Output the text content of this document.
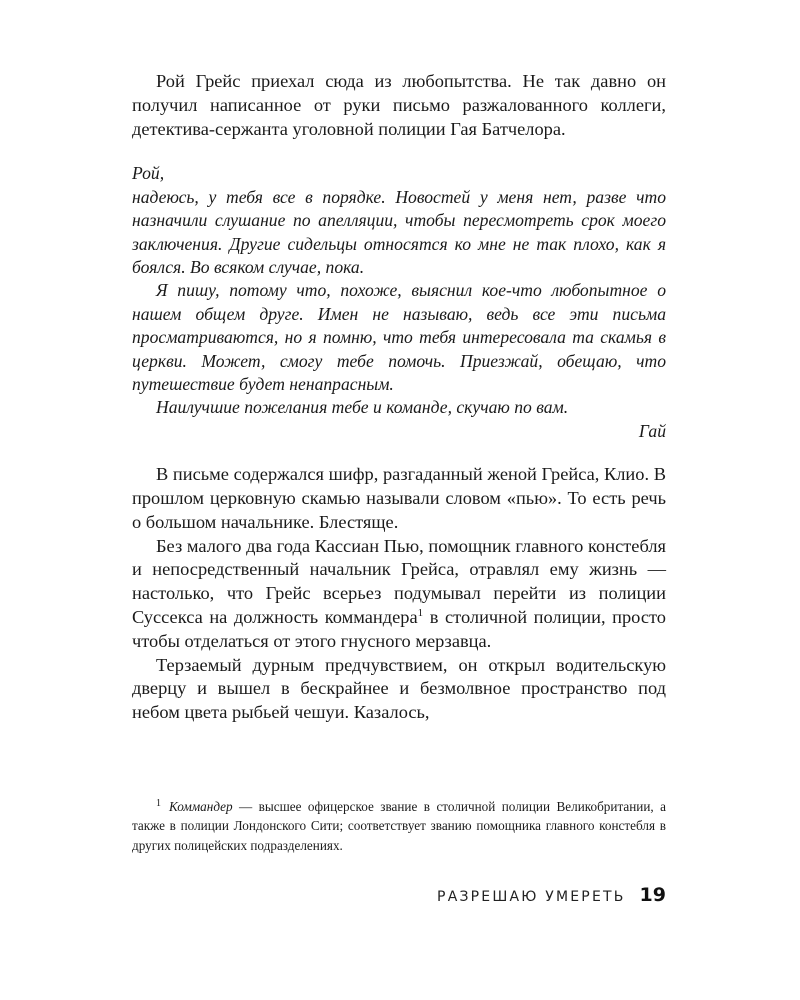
Рой Грейс приехал сюда из любопытства. Не так давно он получил написанное от руки письмо разжалованного коллеги, детектива-сержанта уголовной полиции Гая Батчелора.

Рой,

надеюсь, у тебя все в порядке. Новостей у меня нет, разве что назначили слушание по апелляции, чтобы пересмотреть срок моего заключения. Другие сидельцы относятся ко мне не так плохо, как я боялся. Во всяком случае, пока.

Я пишу, потому что, похоже, выяснил кое-что любопытное о нашем общем друге. Имен не называю, ведь все эти письма просматриваются, но я помню, что тебя интересовала та скамья в церкви. Может, смогу тебе помочь. Приезжай, обещаю, что путешествие будет ненапрасным.

Наилучшие пожелания тебе и команде, скучаю по вам.

Гай

В письме содержался шифр, разгаданный женой Грейса, Клио. В прошлом церковную скамью называли словом «пью». То есть речь о большом начальнике. Блестяще.

Без малого два года Кассиан Пью, помощник главного констебля и непосредственный начальник Грейса, отравлял ему жизнь — настолько, что Грейс всерьез подумывал перейти из полиции Суссекса на должность коммандера$^1$ в столичной полиции, просто чтобы отделаться от этого гнусного мерзавца.

Терзаемый дурным предчувствием, он открыл водительскую дверцу и вышел в бескрайнее и безмолвное пространство под небом цвета рыбьей чешуи. Казалось,

$^1$ Коммандер — высшее офицерское звание в столичной полиции Великобритании, а также в полиции Лондонского Сити; соответствует званию помощника главного констебля в других полицейских подразделениях.
РАЗРЕШАЮ УМЕРЕТЬ 19
